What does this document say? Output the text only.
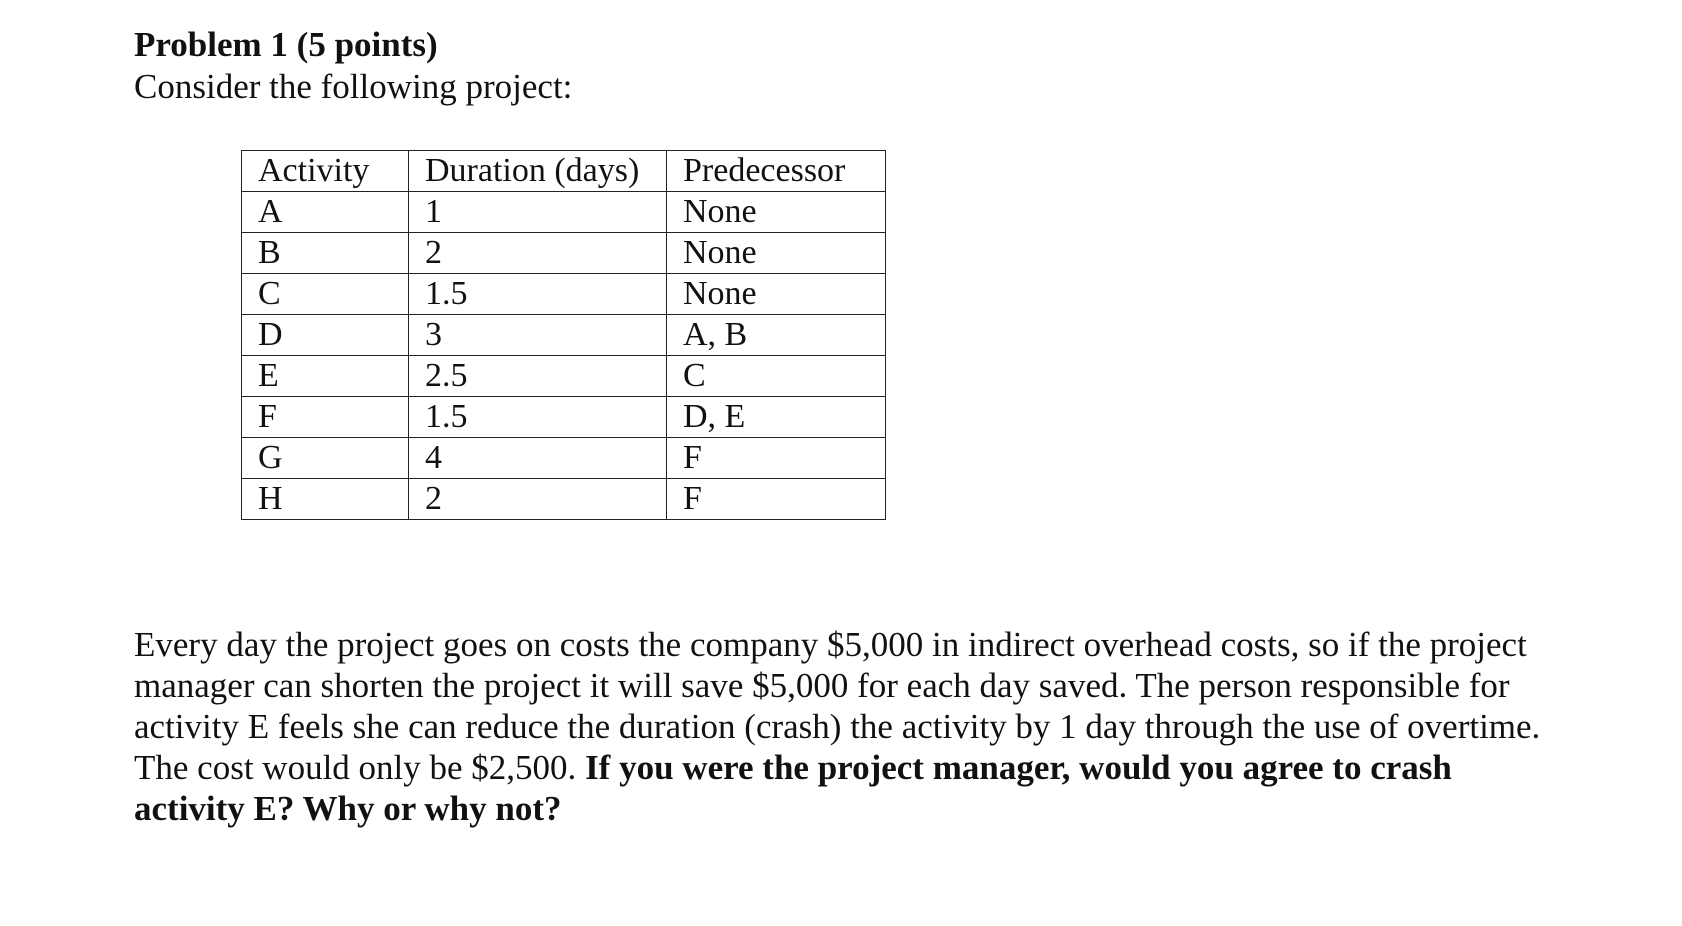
Problem 1 (5 points)

Consider the following project:

Activity	Duration (days)	Predecessor
A	1	None
B	2	None
C	1.5	None
D	3	A, B
E	2.5	C
F	1.5	D, E
G	4	F
H	2	F

Every day the project goes on costs the company $5,000 in indirect overhead costs, so if the project manager can shorten the project it will save $5,000 for each day saved. The person responsible for activity E feels she can reduce the duration (crash) the activity by 1 day through the use of overtime. The cost would only be $2,500. If you were the project manager, would you agree to crash activity E? Why or why not?
